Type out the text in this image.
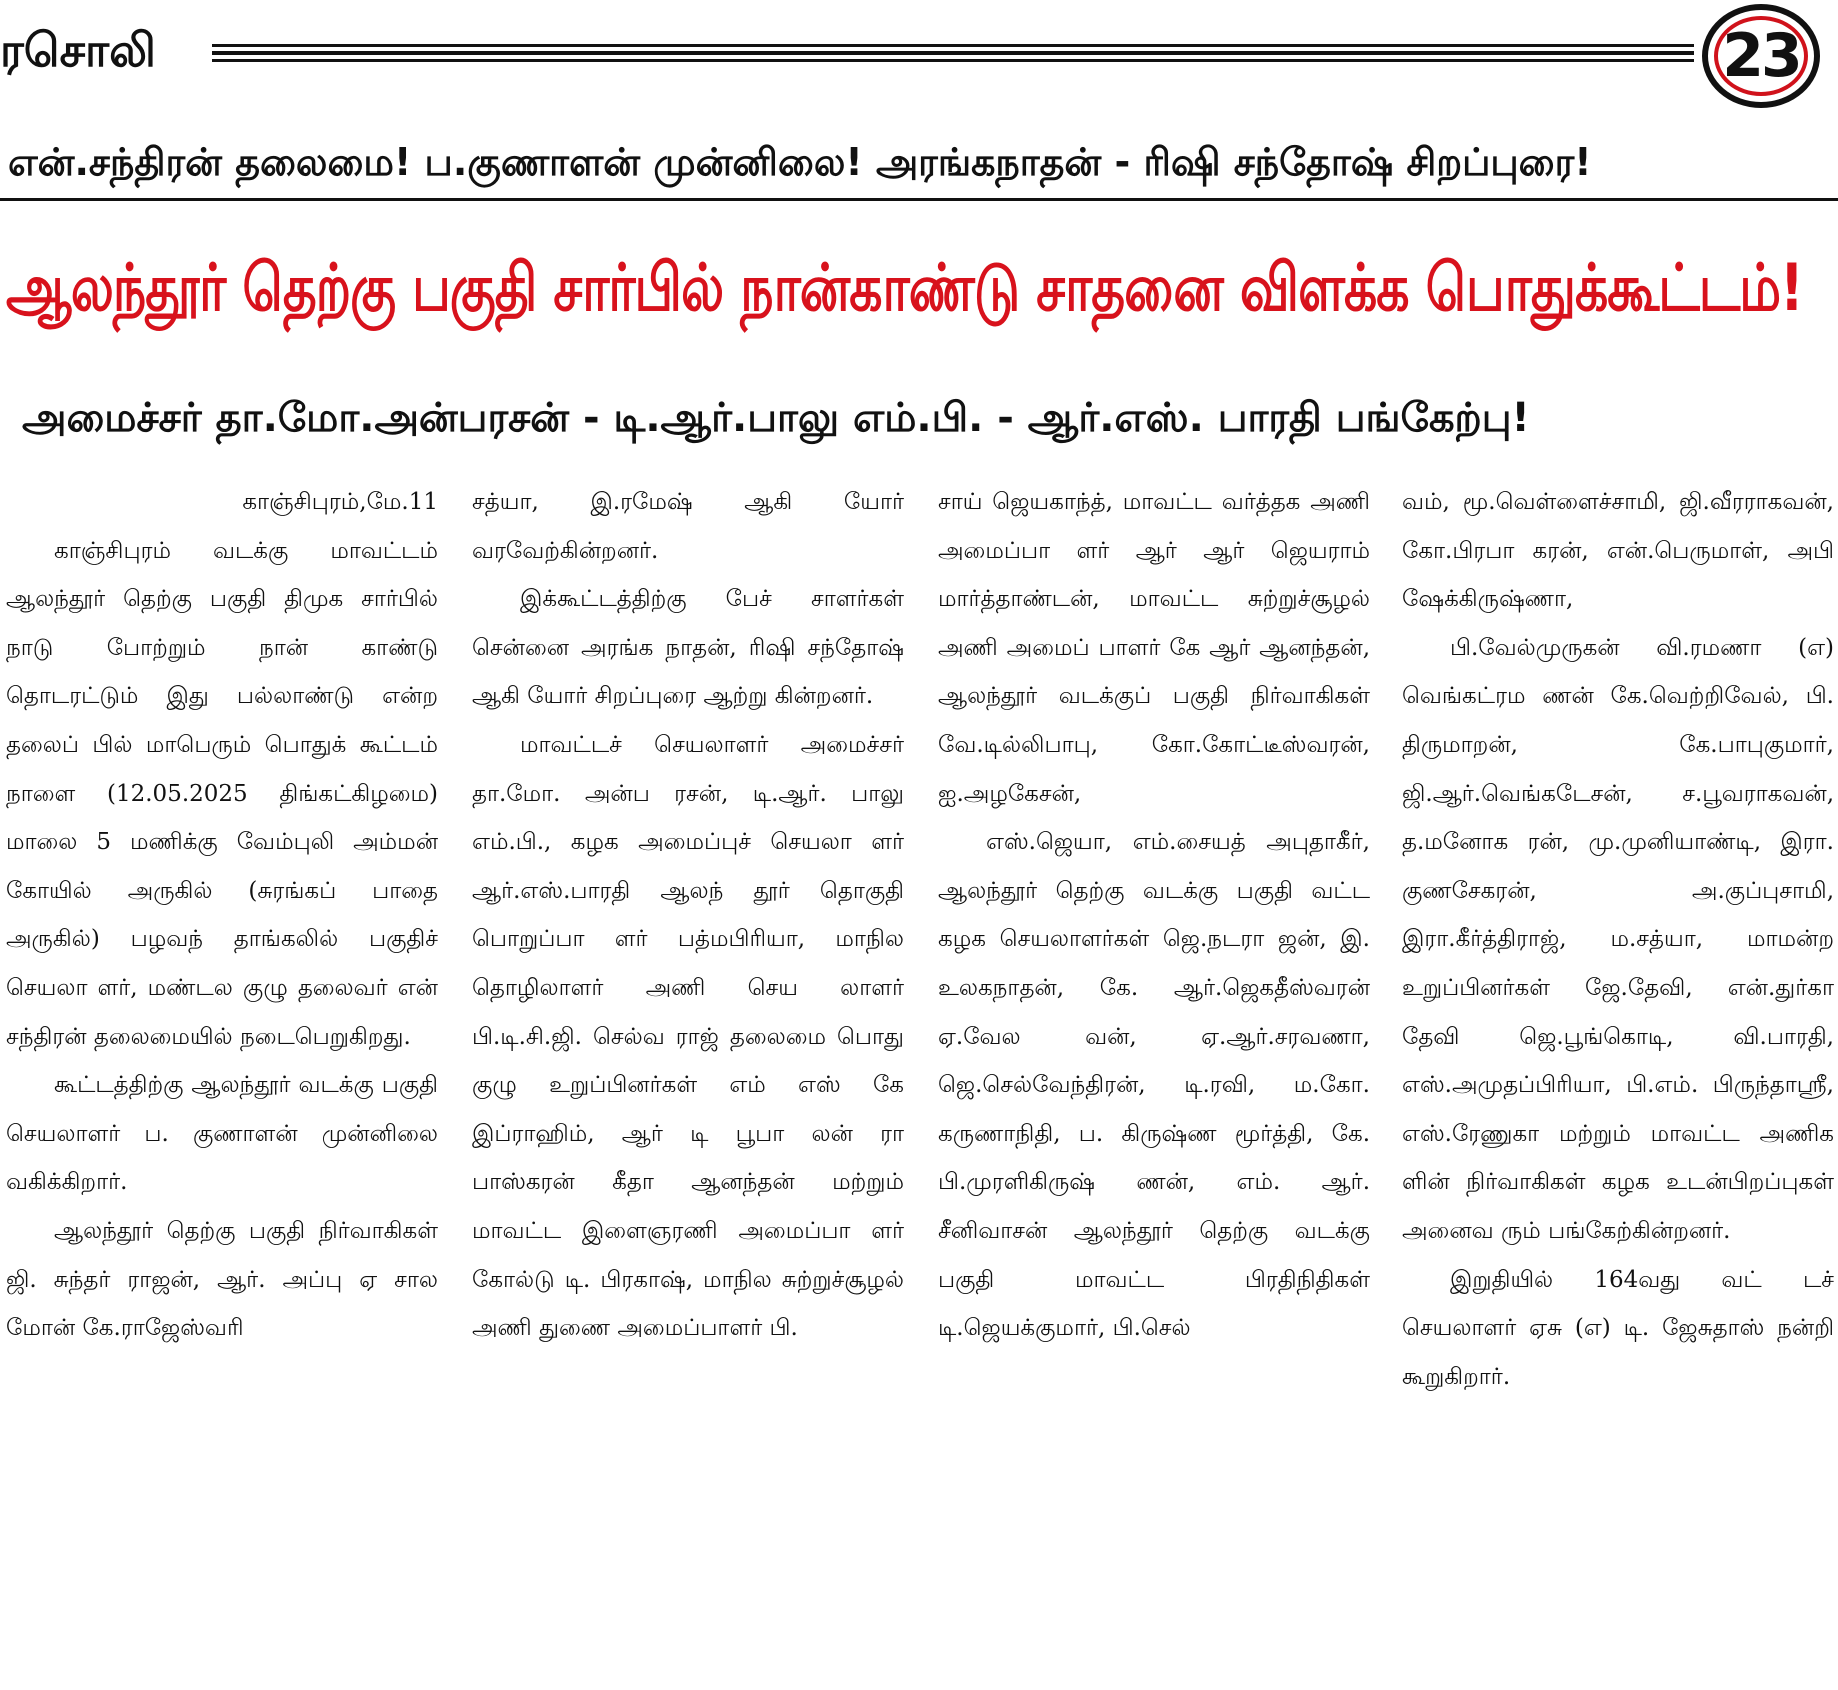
ரசொலி	23
என்.சந்திரன் தலைமை! ப.குணாளன் முன்னிலை! அரங்கநாதன் - ரிஷி சந்தோஷ் சிறப்புரை!
ஆலந்தூர் தெற்கு பகுதி சார்பில் நான்காண்டு சாதனை விளக்க பொதுக்கூட்டம்!
அமைச்சர் தா.மோ.அன்பரசன் - டி.ஆர்.பாலு எம்.பி. - ஆர்.எஸ். பாரதி பங்கேற்பு!

காஞ்சிபுரம்,மே.11

காஞ்சிபுரம் வடக்கு மாவட்டம் ஆலந்தூர் தெற்கு பகுதி திமுக சார்பில் நாடு போற்றும் நான் காண்டு தொடரட்டும் இது பல்லாண்டு என்ற தலைப் பில் மாபெரும் பொதுக் கூட்டம் நாளை (12.05.2025 திங்கட்கிழமை) மாலை 5 மணிக்கு வேம்புலி அம்மன் கோயில் அருகில் (சுரங்கப் பாதை அருகில்) பழவந் தாங்கலில் பகுதிச் செயலா ளர், மண்டல குழு தலைவர் என் சந்திரன் தலைமையில் நடைபெறுகிறது.

கூட்டத்திற்கு ஆலந்தூர் வடக்கு பகுதி செயலாளர் ப. குணாளன் முன்னிலை வகிக்கிறார்.

ஆலந்தூர் தெற்கு பகுதி நிர்வாகிகள் ஜி. சுந்தர் ராஜன், ஆர். அப்பு ஏ சால மோன் கே.ராஜேஸ்வரி

சத்யா, இ.ரமேஷ் ஆகி யோர் வரவேற்கின்றனர்.

இக்கூட்டத்திற்கு பேச் சாளர்கள் சென்னை அரங்க நாதன், ரிஷி சந்தோஷ் ஆகி யோர் சிறப்புரை ஆற்று கின்றனர்.

மாவட்டச் செயலாளர் அமைச்சர் தா.மோ. அன்ப ரசன், டி.ஆர். பாலு எம்.பி., கழக அமைப்புச் செயலா ளர் ஆர்.எஸ்.பாரதி ஆலந் தூர் தொகுதி பொறுப்பா ளர் பத்மபிரியா, மாநில தொழிலாளர் அணி செய லாளர் பி.டி.சி.ஜி. செல்வ ராஜ் தலைமை பொது குழு உறுப்பினர்கள் எம் எஸ் கே இப்ராஹிம், ஆர் டி பூபா லன் ரா பாஸ்கரன் கீதா ஆனந்தன் மற்றும் மாவட்ட இளைஞரணி அமைப்பா ளர் கோல்டு டி. பிரகாஷ், மாநில சுற்றுச்சூழல் அணி துணை அமைப்பாளர் பி.

சாய் ஜெயகாந்த், மாவட்ட வர்த்தக அணி அமைப்பா ளர் ஆர் ஆர் ஜெயராம் மார்த்தாண்டன், மாவட்ட சுற்றுச்சூழல் அணி அமைப் பாளர் கே ஆர் ஆனந்தன், ஆலந்தூர் வடக்குப் பகுதி நிர்வாகிகள் வே.டில்லிபாபு, கோ.கோட்டீஸ்வரன், ஐ.அழகேசன்,

எஸ்.ஜெயா, எம்.சையத் அபுதாகீர், ஆலந்தூர் தெற்கு வடக்கு பகுதி வட்ட கழக செயலாளர்கள் ஜெ.நடரா ஜன், இ. உலகநாதன், கே. ஆர்.ஜெகதீஸ்வரன் ஏ.வேல வன், ஏ.ஆர்.சரவணா, ஜெ.செல்வேந்திரன், டி.ரவி, ம.கோ. கருணாநிதி, ப. கிருஷ்ண மூர்த்தி, கே. பி.முரளிகிருஷ் ணன், எம். ஆர். சீனிவாசன் ஆலந்தூர் தெற்கு வடக்கு பகுதி மாவட்ட பிரதிநிதிகள் டி.ஜெயக்குமார், பி.செல்

வம், மூ.வெள்ளைச்சாமி, ஜி.வீரராகவன், கோ.பிரபா கரன், என்.பெருமாள், அபி ஷேக்கிருஷ்ணா,

பி.வேல்முருகன் வி.ரமணா (எ) வெங்கட்ரம ணன் கே.வெற்றிவேல், பி. திருமாறன், கே.பாபுகுமார், ஜி.ஆர்.வெங்கடேசன், ச.பூவராகவன், த.மனோக ரன், மு.முனியாண்டி, இரா. குணசேகரன், அ.குப்புசாமி, இரா.கீர்த்திராஜ், ம.சத்யா, மாமன்ற உறுப்பினர்கள் ஜே.தேவி, என்.துர்கா தேவி ஜெ.பூங்கொடி, வி.பாரதி, எஸ்.அமுதப்பிரியா, பி.எம். பிருந்தாஶ்ரீ, எஸ்.ரேணுகா மற்றும் மாவட்ட அணிக ளின் நிர்வாகிகள் கழக உடன்பிறப்புகள் அனைவ ரும் பங்கேற்கின்றனர்.

இறுதியில் 164வது வட் டச் செயலாளர் ஏசு (எ) டி. ஜேசுதாஸ் நன்றி கூறுகிறார்.
